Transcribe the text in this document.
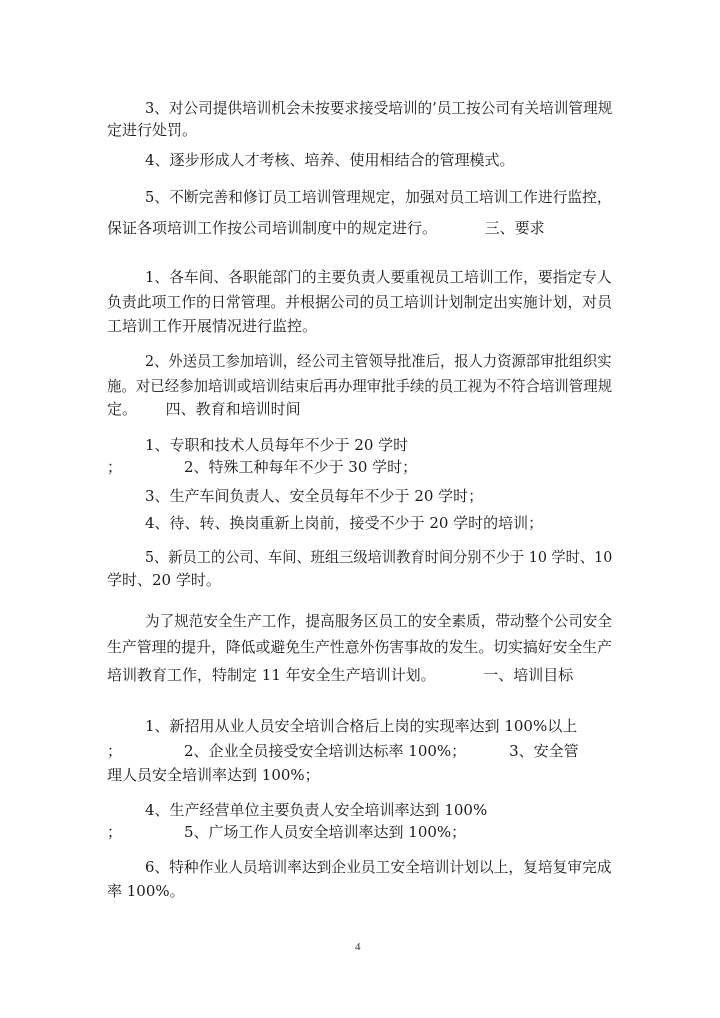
3、对公司提供培训机会未按要求接受培训的’员工按公司有关培训管理规
定进行处罚。
4、逐步形成人才考核、培养、使用相结合的管理模式。
5、不断完善和修订员工培训管理规定，加强对员工培训工作进行监控，
保证各项培训工作按公司培训制度中的规定进行。          三、要求
1、各车间、各职能部门的主要负责人要重视员工培训工作，要指定专人
负责此项工作的日常管理。并根据公司的员工培训计划制定出实施计划，对员
工培训工作开展情况进行监控。
2、外送员工参加培训，经公司主管领导批准后，报人力资源部审批组织实
施。对已经参加培训或培训结束后再办理审批手续的员工视为不符合培训管理规
定。      四、教育和培训时间
1、专职和技术人员每年不少于 20 学时
；             2、特殊工种每年不少于 30 学时；
3、生产车间负责人、安全员每年不少于 20 学时；
4、待、转、换岗重新上岗前，接受不少于 20 学时的培训；
5、新员工的公司、车间、班组三级培训教育时间分别不少于 10 学时、10
学时、20 学时。
为了规范安全生产工作，提高服务区员工的安全素质，带动整个公司安全
生产管理的提升，降低或避免生产性意外伤害事故的发生。切实搞好安全生产
培训教育工作，特制定 11 年安全生产培训计划。          一、培训目标
1、新招用从业人员安全培训合格后上岗的实现率达到 100%以上
；             2、企业全员接受安全培训达标率 100%；         3、安全管
理人员安全培训率达到 100%；
4、生产经营单位主要负责人安全培训率达到 100%
；             5、广场工作人员安全培训率达到 100%；
6、特种作业人员培训率达到企业员工安全培训计划以上，复培复审完成
率 100%。
4
